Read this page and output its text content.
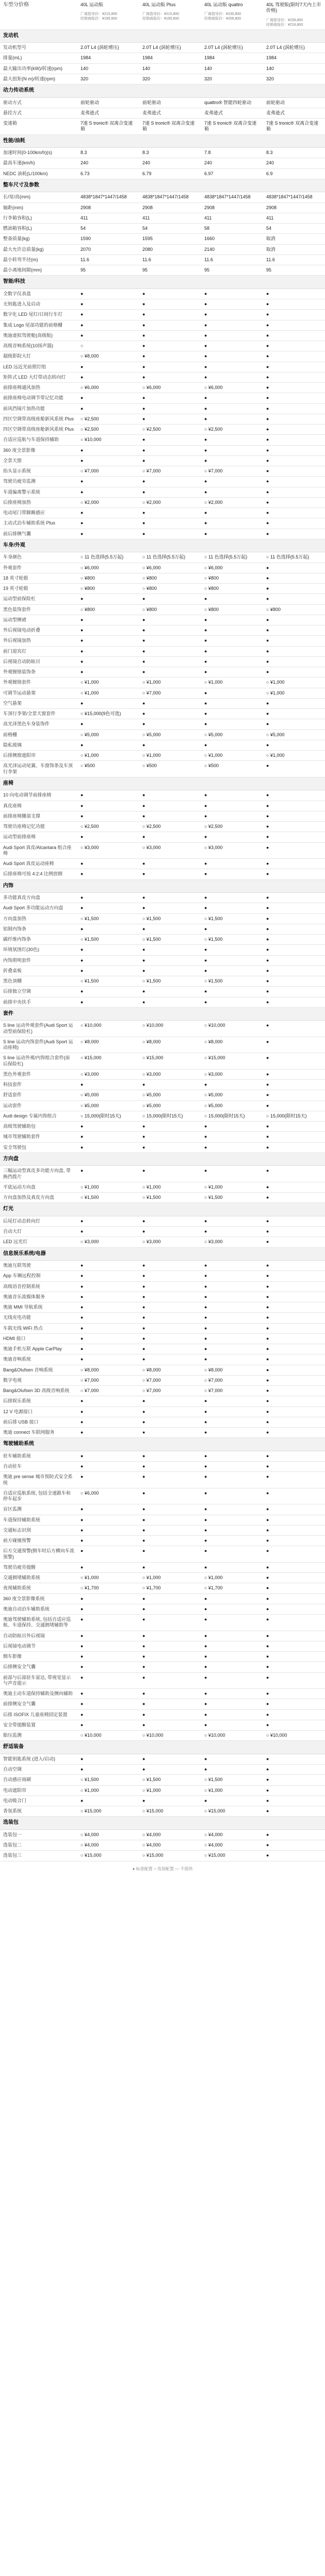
车型分价格	40L 运动版
厂商指导价：¥215,800
经销商报价：¥195,800	40L 运动版 Plus
厂商指导价：¥215,800
经销商报价：¥195,800	40L 运动版 quattro
厂商指导价：¥230,800
经销商报价：¥209,800	40L 驾驶版(限时7天内上市价格)
厂商指导价：¥239,800
经销商报价：¥218,800

发动机				
发动机型号	2.0T L4 (涡轮增压)	2.0T L4 (涡轮增压)	2.0T L4 (涡轮增压)	2.0T L4 (涡轮增压)
排量(mL)	1984	1984	1984	1984
最大输出功率(kW)/转速(rpm)	140	140	140	140
最大扭矩(N·m)/转速(rpm)	320	320	320	320
动力传动系统				
驱动方式	前轮驱动	前轮驱动	quattro® 智能四轮驱动	前轮驱动
悬挂方式	麦弗逊式	麦弗逊式	麦弗逊式	麦弗逊式
变速箱	7速 S tronic® 双离合变速箱	7速 S tronic® 双离合变速箱	7速 S tronic® 双离合变速箱	7速 S tronic® 双离合变速箱
性能/油耗				
加速时间(0-100km/h)(s)	8.3	8.3	7.8	8.3
最高车速(km/h)	240	240	240	240
NEDC 油耗(L/100km)	6.73	6.79	6.97	6.9
整车尺寸及参数				
长/宽/高(mm)	4838*1847*1447/1458	4838*1847*1447/1458	4838*1847*1447/1458	4838*1847*1447/1458
轴距(mm)	2908	2908	2908	2908
行李箱容积(L)	411	411	411	411
燃油箱容积(L)	54	54	58	54
整备质量(kg)	1590	1595	1660	取消
最大允许总质量(kg)	2070	2080	2140	取消
最小转弯半径(m)	11.6	11.6	11.6	11.6
最小离地间隙(mm)	95	95	95	95
智能/科技				
全数字仪表盘	●	●	●	●
无钥匙进入及启动	●	●	●	●
数字化 LED 尾灯/日间行车灯	●	●	●	●
集成 Logo 尾部功能的前格栅	●	●	●	●
奥迪虚拟驾驶舱(高级版)	●	●	●	●
高级音响系统(10扬声器)	○	●	●	●
超级影院大灯	○ ¥8,000	●	●	●
LED 远近光前照灯组	●	●	●	●
矩阵式 LED 大灯带动态转向灯	●	●	●	●
前排座椅通风加热	○ ¥6,000	○ ¥6,000	○ ¥6,000	●
前排座椅电动调节带记忆功能	●	●	●	●
前风挡镜片加热功能	●	●	●	●
四区空调带高级座舱新风系统 Plus	○ ¥2,500	●	●	●
四区空调带高级座舱新风系统 Plus	○ ¥2,500	○ ¥2,500	○ ¥2,500	●
自适应巡航与车道保持辅助	○ ¥10,000	●	●	●
360 度全景影像	●	●	●	●
全景天窗	●	●	●	●
抬头显示系统	○ ¥7,000	○ ¥7,000	○ ¥7,000	●
驾驶员疲劳监测	●	●	●	●
车道偏离警示系统	●	●	●	●
后排座椅加热	○ ¥2,000	○ ¥2,000	○ ¥2,000	●
电动尾门带脚踢感应	●	●	●	●
主动式泊车辅助系统 Plus	●	●	●	●
前后排侧气囊	●	●	●	●
车身/外观				
车身颜色	○ 11 色选择(5.5万起)	○ 11 色选择(5.5万起)	○ 11 色选择(5.5万起)	○ 11 色选择(5.5万起)
外观套件	○ ¥6,000	○ ¥6,000	○ ¥6,000	●
18 英寸轮毂	○ ¥800	○ ¥800	○ ¥800	●
19 英寸轮毂	○ ¥800	○ ¥800	○ ¥800	●
运动型前保险杠	●	●	●	●
黑色装饰套件	○ ¥800	○ ¥800	○ ¥800	○ ¥800
运动型侧裙	●	●	●	●
外后视镜电动折叠	●	●	●	●
外后视镜加热	●	●	●	●
前门迎宾灯	●	●	●	●
后视镜自动防眩目	●	●	●	●
外观镀铬装饰条	●	●	●	●
外观镀铬套件	○ ¥1,000	○ ¥1,000	○ ¥1,000	○ ¥1,000
可调节运动悬架	○ ¥1,000	○ ¥7,000	●	○ ¥1,000
空气悬架	●	●	●	●
车顶行李架/全景天窗套件	○ ¥15,000(9色可选)	●	●	●
高光泽黑色车身装饰件	●	●	●	●
前格栅	○ ¥5,000	○ ¥5,000	○ ¥5,000	○ ¥5,000
隐私玻璃	●	●	●	●
后排侧窗遮阳帘	○ ¥1,000	○ ¥1,000	○ ¥1,000	○ ¥1,000
高光泽运动尾翼、车窗饰条及车顶行李架	○ ¥500	○ ¥500	○ ¥500	●
座椅				
10 向电动调节前排座椅	●	●	●	●
真皮座椅	●	●	●	●
前排座椅腰部支撑	●	●	●	●
驾驶员座椅记忆功能	○ ¥2,500	○ ¥2,500	○ ¥2,500	●
运动型前排座椅	●	●	●	●
Audi Sport 真皮/Alcantara 组合座椅	○ ¥3,000	○ ¥3,000	○ ¥3,000	●
Audi Sport 真皮运动座椅	●	●	●	●
后排座椅可按 4:2:4 比例放倒	●	●	●	●
内饰				
多功能真皮方向盘	●	●	●	●
Audi Sport 多功能运动方向盘	●	●	●	●
方向盘加热	○ ¥1,500	○ ¥1,500	○ ¥1,500	●
铝制内饰条	●	●	●	●
碳纤维内饰条	○ ¥1,500	○ ¥1,500	○ ¥1,500	●
环境氛围灯(30色)	●	●	●	●
内饰照明套件	●	●	●	●
折叠桌板	●	●	●	●
黑色顶棚	○ ¥1,500	○ ¥1,500	○ ¥1,500	●
后排独立空调	●	●	●	●
前排中央扶手	●	●	●	●
套件				
S line 运动外观套件(Audi Sport 运动型前保险杠)	○ ¥10,000	○ ¥10,000	○ ¥10,000	●
S line 运动内饰套件(Audi Sport 运动座椅)	○ ¥8,000	○ ¥8,000	○ ¥8,000	●
S line 运动外观/内饰组合套件(前后保险杠)	○ ¥15,000	○ ¥15,000	○ ¥15,000	●
黑色外观套件	○ ¥3,000	○ ¥3,000	○ ¥3,000	●
科技套件	●	●	●	●
舒适套件	○ ¥5,000	○ ¥5,000	○ ¥5,000	●
运动套件	○ ¥5,000	○ ¥5,000	○ ¥5,000	●
Audi design 专属内饰组合	○ 15,000(限时15天)	○ 15,000(限时15天)	○ 15,000(限时15天)	○ 15,000(限时15天)
高级驾驶辅助包	●	●	●	●
城市驾驶辅助套件	●	●	●	●
安全驾驶包	●	●	●	●
方向盘				
三幅运动型真皮多功能方向盘, 带换挡拨片	●	●	●	●
平底运动方向盘	○ ¥1,000	○ ¥1,000	○ ¥1,000	●
方向盘加热及真皮方向盘	○ ¥1,500	○ ¥1,500	○ ¥1,500	●
灯光				
后尾灯动态转向灯	●	●	●	●
自动大灯	●	●	●	●
LED 远光灯	○ ¥3,000	○ ¥3,000	○ ¥3,000	●
信息娱乐系统/电器				
奥迪互联驾驶	●	●	●	●
App 车辆远程控制	●	●	●	●
高级语音控制系统	●	●	●	●
奥迪音乐流媒体服务	●	●	●	●
奥迪 MMI 导航系统	●	●	●	●
无线充电功能	●	●	●	●
车载无线 WiFi 热点	●	●	●	●
HDMI 接口	●	●	●	●
奥迪手机互联 Apple CarPlay	●	●	●	●
奥迪音响系统	●	●	●	●
Bang&Olufsen 音响系统	○ ¥8,000	○ ¥8,000	○ ¥8,000	●
数字电视	○ ¥7,000	○ ¥7,000	○ ¥7,000	●
Bang&Olufsen 3D 高级音响系统	○ ¥7,000	○ ¥7,000	○ ¥7,000	●
后排娱乐系统	●	●	●	●
12 V 电源接口	●	●	●	●
前后排 USB 接口	●	●	●	●
奥迪 connect 车联网服务	●	●	●	●
驾驶辅助系统				
驻车辅助系统	●	●	●	●
自动驻车	●	●	●	●
奥迪 pre sense 城市预防式安全系统	●	●	●	●
自适应巡航系统, 包括全速跟车和停车起步	○ ¥6,000	●	●	●
盲区监测	●	●	●	●
车道保持辅助系统	●	●	●	●
交通标志识别	●	●	●	●
前方碰撞预警	●	●	●	●
后方交通预警(倒车时后方横向车流预警)	●	●	●	●
驾驶员疲劳提醒	●	●	●	●
交通拥堵辅助系统	○ ¥1,000	○ ¥1,000	○ ¥1,000	●
夜视辅助系统	○ ¥1,700	○ ¥1,700	○ ¥1,700	●
360 度全景影像系统	●	●	●	●
奥迪自动泊车辅助系统	●	●	●	●
奥迪驾驶辅助系统, 包括自适应巡航、车道保持、交通拥堵辅助等	●	●	●	●
自动防眩目外后视镜	●	●	●	●
后视镜电动调节	●	●	●	●
倒车影像	●	●	●	●
后排侧安全气囊	●	●	●	●
前部与后部驻车雷达, 带视觉显示与声音提示	●	●	●	●
奥迪主动车道保持辅助及侧向辅助	●	●	●	●
前排侧安全气囊	●	●	●	●
后排 ISOFIX 儿童座椅固定装置	●	●	●	●
安全带提醒装置	●	●	●	●
胎压监测	○ ¥10,000	○ ¥10,000	○ ¥10,000	○ ¥10,000
舒适装备				
智能钥匙系统 (进入/启动)	●	●	●	●
自动空调	●	●	●	●
自动感应雨刷	○ ¥1,500	○ ¥1,500	○ ¥1,500	●
电动遮阳帘	○ ¥1,000	○ ¥1,000	○ ¥1,000	●
电动吸合门	●	●	●	●
香氛系统	○ ¥15,000	○ ¥15,000	○ ¥15,000	●
选装包				
选装包一	○ ¥4,000	○ ¥4,000	○ ¥4,000	●
选装包二	○ ¥4,000	○ ¥4,000	○ ¥4,000	●
选装包三	○ ¥15,000	○ ¥15,000	○ ¥15,000	●
● 标准配置 ○ 选装配置 — 不提供
